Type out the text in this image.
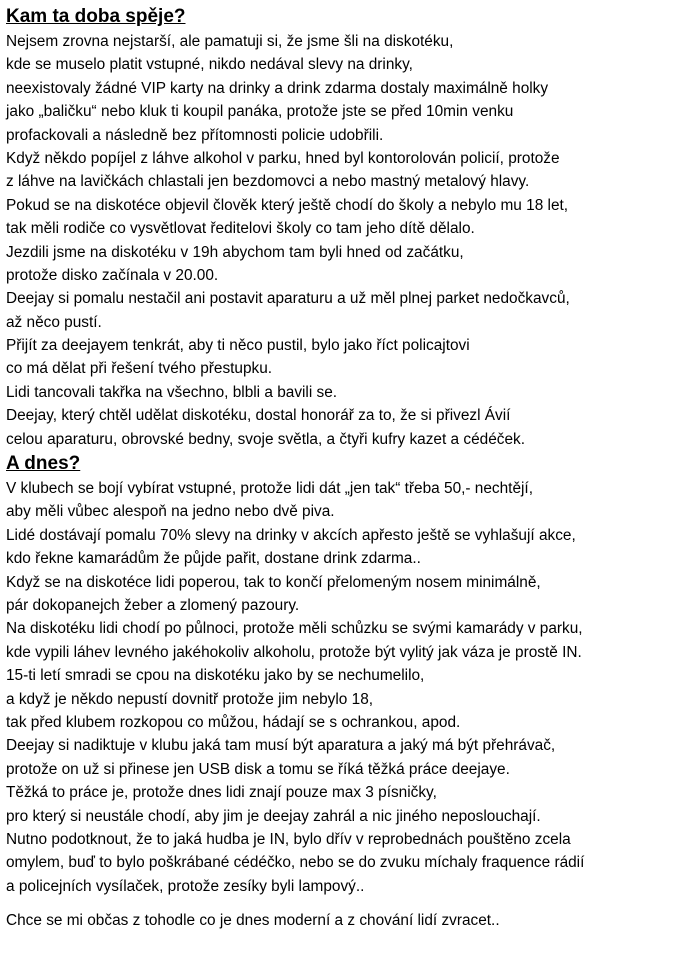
Kam ta doba spěje?
Nejsem zrovna nejstarší, ale pamatuji si, že jsme šli na diskotéku,
kde se muselo platit vstupné, nikdo nedával slevy na drinky,
neexistovaly žádné VIP karty na drinky a drink zdarma dostaly maximálně holky
jako „baličku“ nebo kluk ti koupil panáka, protože jste se před 10min venku
profackovali a následně bez přítomnosti policie udobřili.
Když někdo popíjel z láhve alkohol v parku, hned byl kontorolován policií, protože
z láhve na lavičkách chlastali jen bezdomovci a nebo mastný metalový hlavy.
Pokud se na diskotéce objevil člověk který ještě chodí do školy a nebylo mu 18 let,
tak měli rodiče co vysvětlovat ředitelovi školy co tam jeho dítě dělalo.
Jezdili jsme na diskotéku v 19h abychom tam byli hned od začátku,
protože disko začínala v 20.00.
Deejay si pomalu nestačil ani postavit aparaturu a už měl plnej parket nedočkavců,
až něco pustí.
Přijít za deejayem tenkrát, aby ti něco pustil, bylo jako říct policajtovi
co má dělat při řešení tvého přestupku.
Lidi tancovali takřka na všechno, blbli a bavili se.
Deejay, který chtěl udělat diskotéku, dostal honorář za to, že si přivezl Ávií
celou aparaturu, obrovské bedny, svoje světla, a čtyři kufry kazet a cédéček.
A dnes?
V klubech se bojí vybírat vstupné, protože lidi dát „jen tak“ třeba 50,- nechtějí,
aby měli vůbec alespoň na jedno nebo dvě piva.
Lidé dostávají pomalu 70% slevy na drinky v akcích apřesto ještě se vyhlašují akce,
kdo řekne kamarádům že půjde pařit, dostane drink zdarma..
Když se na diskotéce lidi poperou, tak to končí přelomeným nosem minimálně,
pár dokopanejch žeber a zlomený pazoury.
Na diskotéku lidi chodí po půlnoci, protože měli schůzku se svými kamarády v parku,
kde vypili láhev levného jakéhokoliv alkoholu, protože být vylitý jak váza je prostě IN.
15-ti letí smradi se cpou na diskotéku jako by se nechumelilo,
a když je někdo nepustí dovnitř protože jim nebylo 18,
tak před klubem rozkopou co můžou, hádají se s ochrankou, apod.
Deejay si nadiktuje v klubu jaká tam musí být aparatura a jaký má být přehrávač,
protože on už si přinese jen USB disk a tomu se říká těžká práce deejaye.
Těžká to práce je, protože dnes lidi znají pouze max 3 písničky,
pro který si neustále chodí, aby jim je deejay zahrál a nic jiného neposlouchají.
Nutno podotknout, že to jaká hudba je IN, bylo dřív v reprobednách pouštěno zcela
omylem, buď to bylo poškrábané cédéčko, nebo se do zvuku míchaly fraquence rádií
a policejních vysílaček, protože zesíky byli lampový..
Chce se mi občas z tohodle co je dnes moderní a z chování lidí zvracet..
